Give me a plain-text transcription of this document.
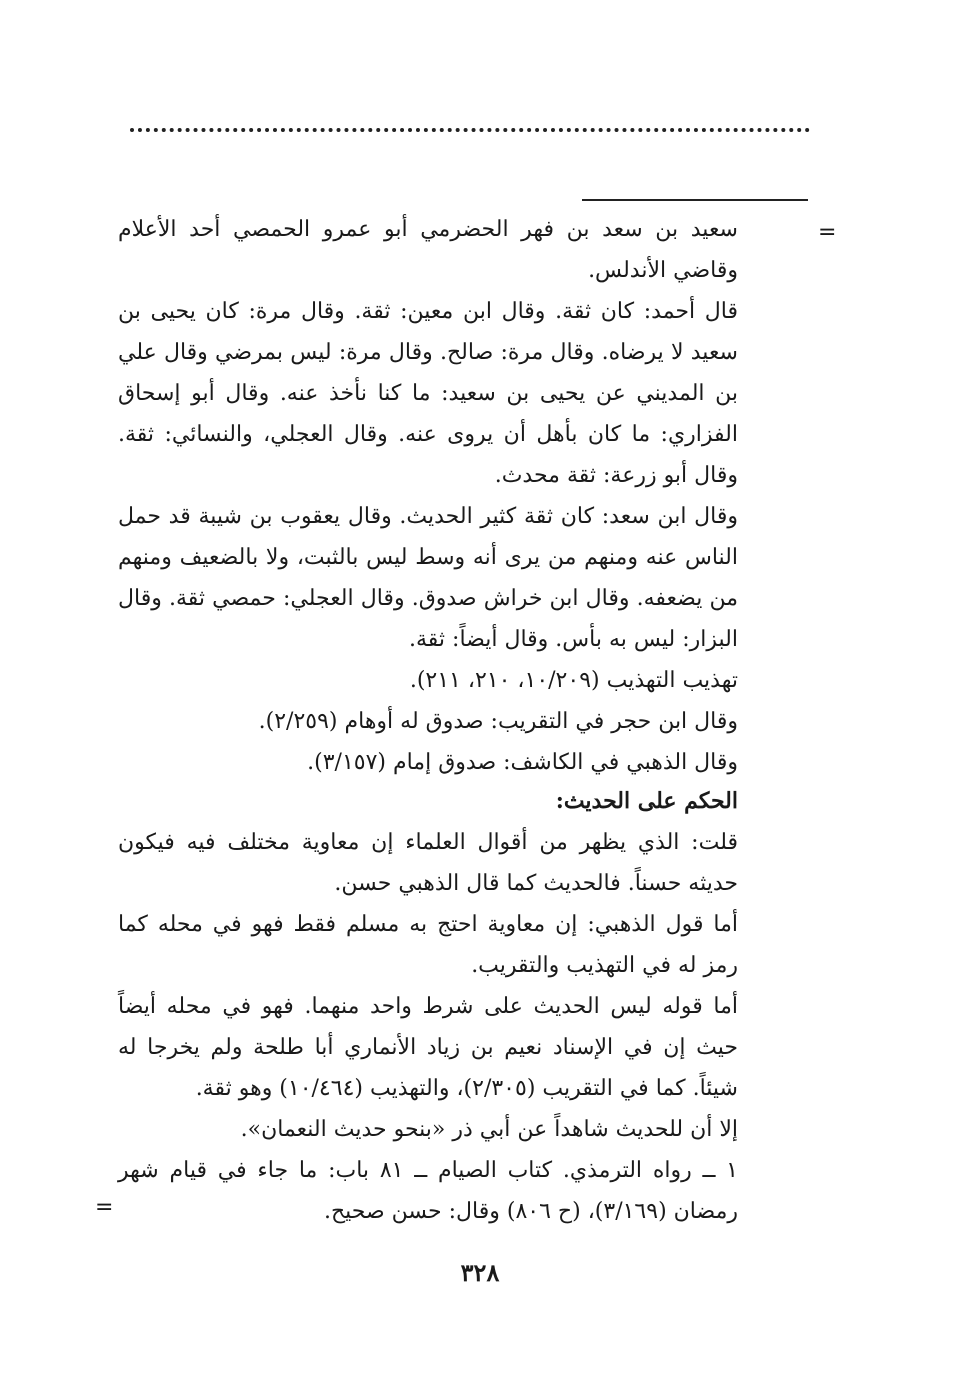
=

سعيد بن سعد بن فهر الحضرمي أبو عمرو الحمصي أحد الأعلام وقاضي الأندلس.

قال أحمد: كان ثقة. وقال ابن معين: ثقة. وقال مرة: كان يحيى بن سعيد لا يرضاه. وقال مرة: صالح. وقال مرة: ليس بمرضي وقال علي بن المديني عن يحيى بن سعيد: ما كنا نأخذ عنه. وقال أبو إسحاق الفزاري: ما كان بأهل أن يروى عنه. وقال العجلي، والنسائي: ثقة. وقال أبو زرعة: ثقة محدث.

وقال ابن سعد: كان ثقة كثير الحديث. وقال يعقوب بن شيبة قد حمل الناس عنه ومنهم من يرى أنه وسط ليس بالثبت، ولا بالضعيف ومنهم من يضعفه. وقال ابن خراش صدوق. وقال العجلي: حمصي ثقة. وقال البزار: ليس به بأس. وقال أيضاً: ثقة.

تهذيب التهذيب (١٠/٢٠٩، ٢١٠، ٢١١).

وقال ابن حجر في التقريب: صدوق له أوهام (٢/٢٥٩).

وقال الذهبي في الكاشف: صدوق إمام (٣/١٥٧).

الحكم على الحديث:

قلت: الذي يظهر من أقوال العلماء إن معاوية مختلف فيه فيكون حديثه حسناً. فالحديث كما قال الذهبي حسن.

أما قول الذهبي: إن معاوية احتج به مسلم فقط فهو في محله كما رمز له في التهذيب والتقريب.

أما قوله ليس الحديث على شرط واحد منهما. فهو في محله أيضاً حيث إن في الإسناد نعيم بن زياد الأنماري أبا طلحة ولم يخرجا له شيئاً. كما في التقريب (٢/٣٠٥)، والتهذيب (١٠/٤٦٤) وهو ثقة.

إلا أن للحديث شاهداً عن أبي ذر «بنحو حديث النعمان».

١ ــ رواه الترمذي. كتاب الصيام ــ ٨١ باب: ما جاء في قيام شهر رمضان (٣/١٦٩)، (ح ٨٠٦) وقال: حسن صحيح.

=
٣٢٨
